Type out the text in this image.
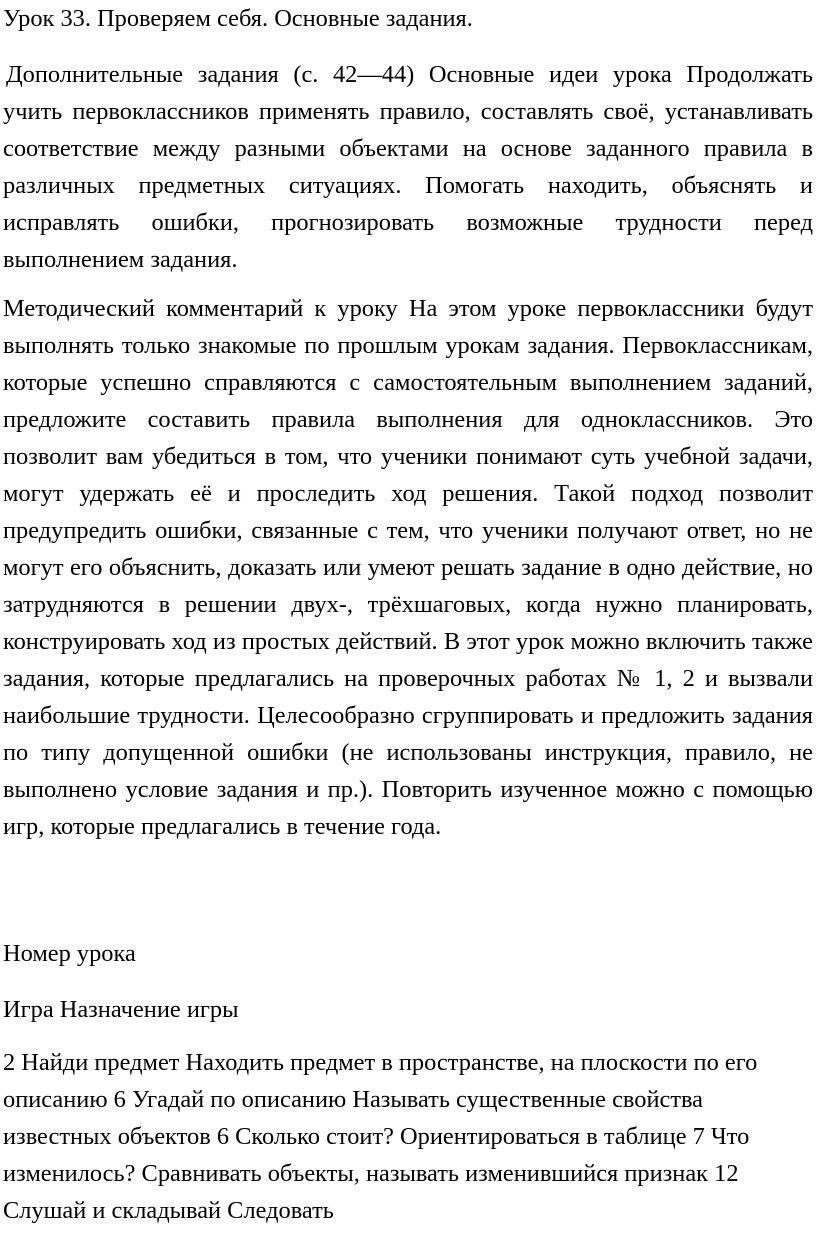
Урок 33. Проверяем себя. Основные задания.

Дополнительные задания (с. 42—44) Основные идеи урока Продолжать учить первоклассников применять правило, составлять своё, устанавливать соответствие между разными объектами на основе заданного правила в различных предметных ситуациях. Помогать находить, объяснять и исправлять ошибки, прогнозировать возможные трудности перед выполнением задания.

Методический комментарий к уроку На этом уроке первоклассники будут выполнять только знакомые по прошлым урокам задания. Первоклассникам, которые успешно справляются с самостоятельным выполнением заданий, предложите составить правила выполнения для одноклассников. Это позволит вам убедиться в том, что ученики понимают суть учебной задачи, могут удержать её и проследить ход решения. Такой подход позволит предупредить ошибки, связанные с тем, что ученики получают ответ, но не могут его объяснить, доказать или умеют решать задание в одно действие, но затрудняются в решении двух-, трёхшаговых, когда нужно планировать, конструировать ход из простых действий. В этот урок можно включить также задания, которые предлагались на проверочных работах № 1, 2 и вызвали наибольшие трудности. Целесообразно сгруппировать и предложить задания по типу допущенной ошибки (не использованы инструкция, правило, не выполнено условие задания и пр.). Повторить изученное можно с помощью игр, которые предлагались в течение года.

Номер урока

Игра Назначение игры

2 Найди предмет Находить предмет в пространстве, на плоскости по его описанию 6 Угадай по описанию Называть существенные свойства известных объектов 6 Сколько стоит? Ориентироваться в таблице 7 Что изменилось? Сравнивать объекты, называть изменившийся признак 12 Слушай и складывай Следовать
